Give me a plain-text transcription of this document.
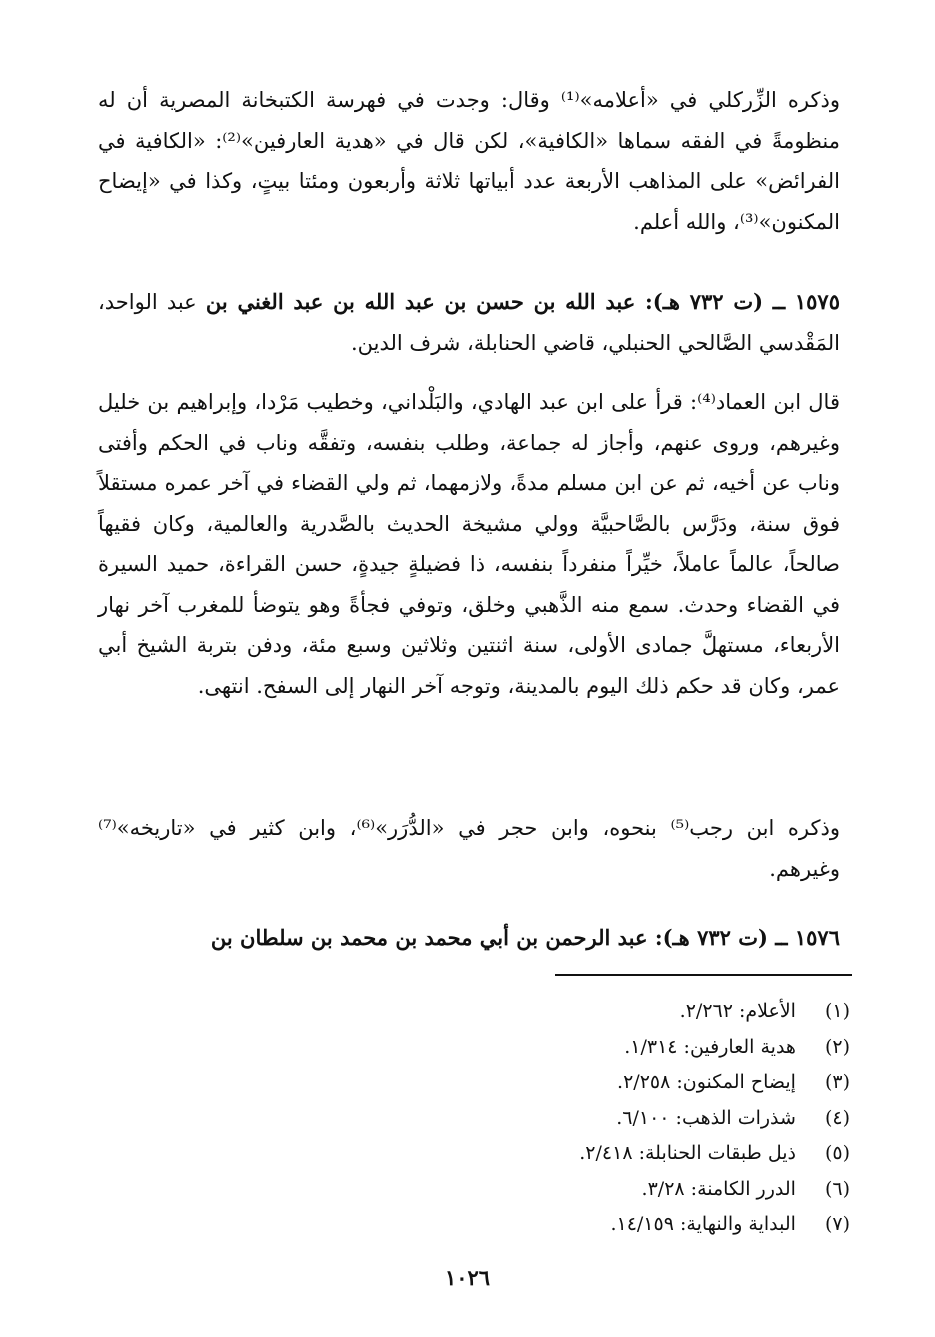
وذكره الزِّركلي في «أعلامه»⁽¹⁾ وقال: وجدت في فهرسة الكتبخانة المصرية أن له منظومةً في الفقه سماها «الكافية»، لكن قال في «هدية العارفين»⁽²⁾: «الكافية في الفرائض» على المذاهب الأربعة عدد أبياتها ثلاثة وأربعون ومئتا بيتٍ، وكذا في «إيضاح المكنون»⁽³⁾، والله أعلم.
١٥٧٥ ــ (ت ٧٣٢ هـ): عبد الله بن حسن بن عبد الله بن عبد الغني بن عبد الواحد، المَقْدسي الصَّالحي الحنبلي، قاضي الحنابلة، شرف الدين.
قال ابن العماد⁽⁴⁾: قرأ على ابن عبد الهادي، والبَلْداني، وخطيب مَرْدا، وإبراهيم بن خليل وغيرهم، وروى عنهم، وأجاز له جماعة، وطلب بنفسه، وتفقَّه وناب في الحكم وأفتى وناب عن أخيه، ثم عن ابن مسلم مدةً، ولازمهما، ثم ولي القضاء في آخر عمره مستقلاً فوق سنة، ودَرَّس بالصَّاحبيَّة وولي مشيخة الحديث بالصَّدرية والعالمية، وكان فقيهاً صالحاً، عالماً عاملاً، خيِّراً منفرداً بنفسه، ذا فضيلةٍ جيدةٍ، حسن القراءة، حميد السيرة في القضاء وحدث. سمع منه الذَّهبي وخلق، وتوفي فجأةً وهو يتوضأ للمغرب آخر نهار الأربعاء، مستهلَّ جمادى الأولى، سنة اثنتين وثلاثين وسبع مئة، ودفن بتربة الشيخ أبي عمر، وكان قد حكم ذلك اليوم بالمدينة، وتوجه آخر النهار إلى السفح. انتهى.
وذكره ابن رجب⁽⁵⁾ بنحوه، وابن حجر في «الدُّرَر»⁽⁶⁾، وابن كثير في «تاريخه»⁽⁷⁾ وغيرهم.
١٥٧٦ ــ (ت ٧٣٢ هـ): عبد الرحمن بن أبي محمد بن محمد بن سلطان بن
(١) الأعلام: ٢/٢٦٢.
(٢) هدية العارفين: ١/٣١٤.
(٣) إيضاح المكنون: ٢/٢٥٨.
(٤) شذرات الذهب: ٦/١٠٠.
(٥) ذيل طبقات الحنابلة: ٢/٤١٨.
(٦) الدرر الكامنة: ٣/٢٨.
(٧) البداية والنهاية: ١٤/١٥٩.
١٠٢٦
